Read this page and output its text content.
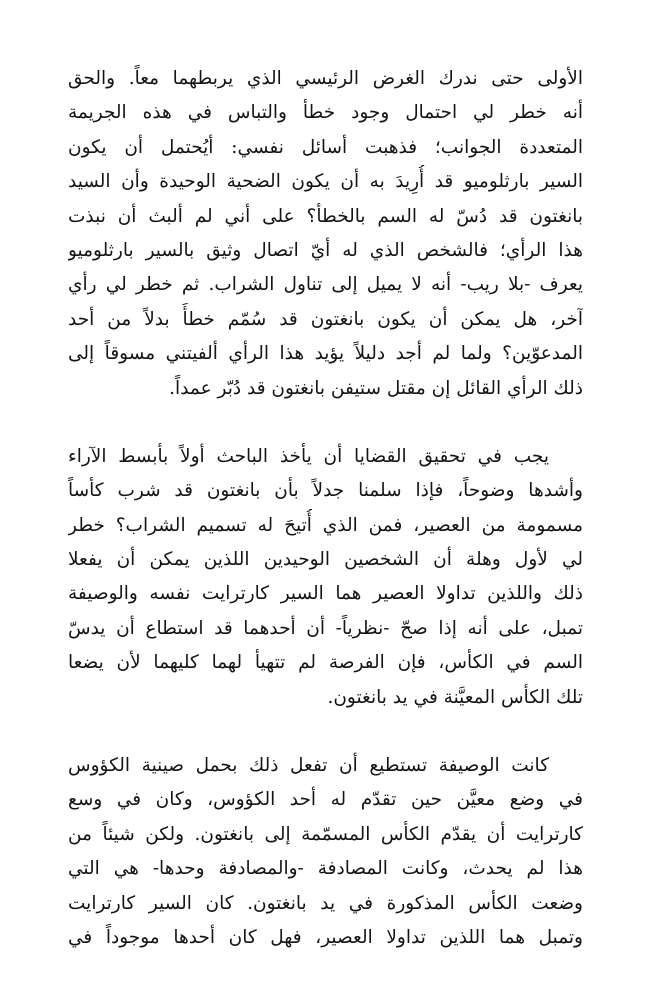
الأولى حتى ندرك الغرض الرئيسي الذي يربطهما معاً. والحق
أنه خطر لي احتمال وجود خطأ والتباس في هذه الجريمة
المتعددة الجوانب؛ فذهبت أسائل نفسي: أيُحتمل أن يكون
السير بارثلوميو قد أُرِيدَ به أن يكون الضحية الوحيدة وأن السيد
بانغتون قد دُسّ له السم بالخطأ؟ على أني لم ألبث أن نبذت
هذا الرأي؛ فالشخص الذي له أيّ اتصال وثيق بالسير بارثلوميو
يعرف -بلا ريب- أنه لا يميل إلى تناول الشراب. ثم خطر لي رأي
آخر، هل يمكن أن يكون بانغتون قد سُمّم خطأً بدلاً من أحد
المدعوّين؟ ولما لم أجد دليلاً يؤيد هذا الرأي ألفيتني مسوقاً إلى
ذلك الرأي القائل إن مقتل ستيفن بانغتون قد دُبّر عمداً.
يجب في تحقيق القضايا أن يأخذ الباحث أولاً بأبسط الآراء
وأشدها وضوحاً، فإذا سلمنا جدلاً بأن بانغتون قد شرب كأساً
مسمومة من العصير، فمن الذي أُتيحَ له تسميم الشراب؟ خطر
لي لأول وهلة أن الشخصين الوحيدين اللذين يمكن أن يفعلا
ذلك واللذين تداولا العصير هما السير كارترايت نفسه والوصيفة
تمبل، على أنه إذا صحّ -نظرياً- أن أحدهما قد استطاع أن يدسّ
السم في الكأس، فإن الفرصة لم تتهيأ لهما كليهما لأن يضعا
تلك الكأس المعيَّنة في يد بانغتون.
كانت الوصيفة تستطيع أن تفعل ذلك بحمل صينية الكؤوس
في وضع معيَّن حين تقدّم له أحد الكؤوس، وكان في وسع
كارترايت أن يقدّم الكأس المسمّمة إلى بانغتون. ولكن شيئاً من
هذا لم يحدث، وكانت المصادفة -والمصادفة وحدها- هي التي
وضعت الكأس المذكورة في يد بانغتون. كان السير كارترايت
وتمبل هما اللذين تداولا العصير، فهل كان أحدها موجوداً في
